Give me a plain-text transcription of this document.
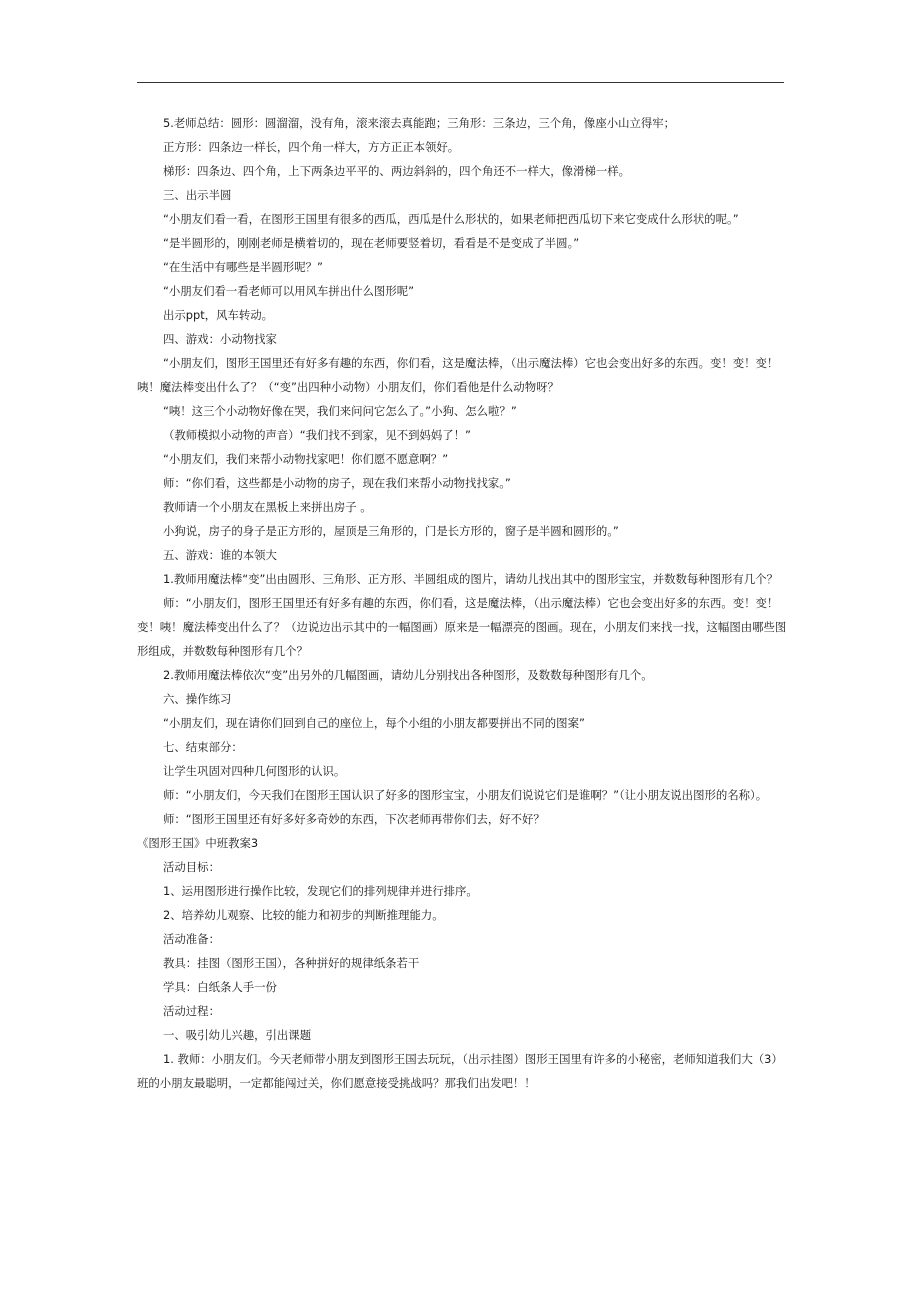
5.老师总结：圆形：圆溜溜，没有角，滚来滚去真能跑；三角形：三条边，三个角，像座小山立得牢；

正方形：四条边一样长，四个角一样大，方方正正本领好。

梯形：四条边、四个角，上下两条边平平的、两边斜斜的，四个角还不一样大，像滑梯一样。

三、出示半圆

“小朋友们看一看，在图形王国里有很多的西瓜，西瓜是什么形状的，如果老师把西瓜切下来它变成什么形状的呢。”

“是半圆形的，刚刚老师是横着切的，现在老师要竖着切，看看是不是变成了半圆。”

“在生活中有哪些是半圆形呢？”

“小朋友们看一看老师可以用风车拼出什么图形呢”

出示ppt，风车转动。

四、游戏：小动物找家

“小朋友们，图形王国里还有好多有趣的东西，你们看，这是魔法棒，（出示魔法棒）它也会变出好多的东西。变！变！变！咦！魔法棒变出什么了？（“变”出四种小动物）小朋友们，你们看他是什么动物呀？

“咦！这三个小动物好像在哭，我们来问问它怎么了。”小狗、怎么啦？”

（教师模拟小动物的声音）“我们找不到家，见不到妈妈了！”

“小朋友们，我们来帮小动物找家吧！你们愿不愿意啊？”

师：“你们看，这些都是小动物的房子，现在我们来帮小动物找找家。”

教师请一个小朋友在黑板上来拼出房子 。

小狗说，房子的身子是正方形的，屋顶是三角形的，门是长方形的，窗子是半圆和圆形的。”

五、游戏：谁的本领大

1.教师用魔法棒“变”出由圆形、三角形、正方形、半圆组成的图片，请幼儿找出其中的图形宝宝，并数数每种图形有几个？

师：“小朋友们，图形王国里还有好多有趣的东西，你们看，这是魔法棒，（出示魔法棒）它也会变出好多的东西。变！变！变！咦！魔法棒变出什么了？（边说边出示其中的一幅图画）原来是一幅漂亮的图画。现在，小朋友们来找一找，这幅图由哪些图形组成，并数数每种图形有几个？

2.教师用魔法棒依次“变”出另外的几幅图画，请幼儿分别找出各种图形，及数数每种图形有几个。

六、操作练习

“小朋友们，现在请你们回到自己的座位上，每个小组的小朋友都要拼出不同的图案”

七、结束部分：

让学生巩固对四种几何图形的认识。

师：“小朋友们，今天我们在图形王国认识了好多的图形宝宝，小朋友们说说它们是谁啊？”（让小朋友说出图形的名称）。

师：“图形王国里还有好多好多奇妙的东西，下次老师再带你们去，好不好？

《图形王国》中班教案3

活动目标：

1、运用图形进行操作比较，发现它们的排列规律并进行排序。

2、培养幼儿观察、比较的能力和初步的判断推理能力。

活动准备：

教具：挂图（图形王国），各种拼好的规律纸条若干

学具：白纸条人手一份

活动过程：

一、吸引幼儿兴趣，引出课题

1. 教师：小朋友们。今天老师带小朋友到图形王国去玩玩，（出示挂图）图形王国里有许多的小秘密，老师知道我们大（3）班的小朋友最聪明，一定都能闯过关，你们愿意接受挑战吗？那我们出发吧！！
